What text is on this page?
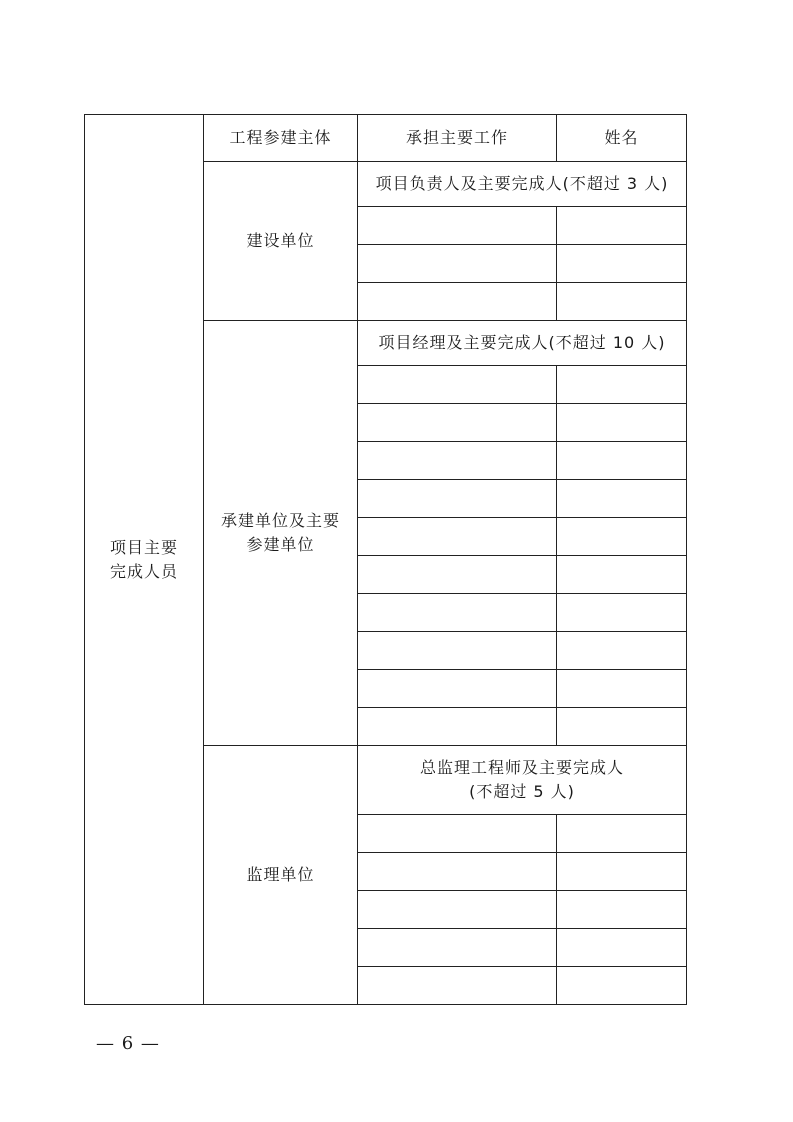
项目主要
完成人员	工程参建主体	承担主要工作	姓名
	建设单位	项目负责人及主要完成人(不超过 3 人)	

	承建单位及主要
参建单位	项目经理及主要完成人(不超过 10 人)	

	监理单位	总监理工程师及主要完成人
(不超过 5 人)	

— 6 —
